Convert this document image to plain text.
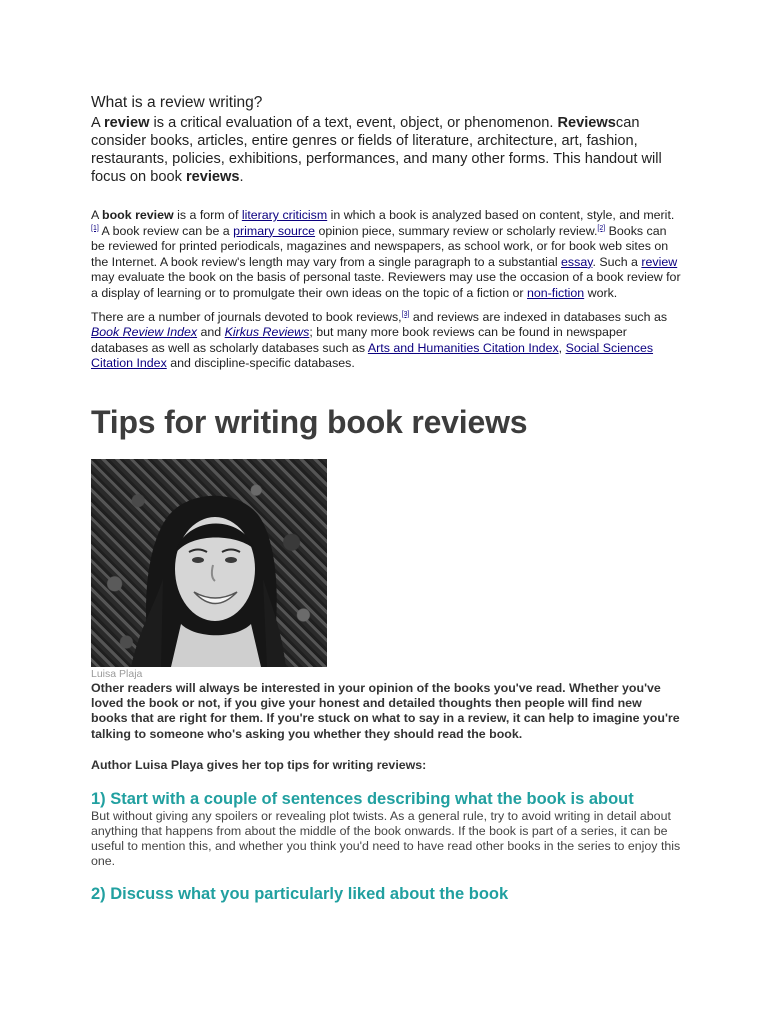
What is a review writing?

A review is a critical evaluation of a text, event, object, or phenomenon. Reviewscan consider books, articles, entire genres or fields of literature, architecture, art, fashion, restaurants, policies, exhibitions, performances, and many other forms. This handout will focus on book reviews.

A book review is a form of literary criticism in which a book is analyzed based on content, style, and merit.[1] A book review can be a primary source opinion piece, summary review or scholarly review.[2] Books can be reviewed for printed periodicals, magazines and newspapers, as school work, or for book web sites on the Internet. A book review's length may vary from a single paragraph to a substantial essay. Such a review may evaluate the book on the basis of personal taste. Reviewers may use the occasion of a book review for a display of learning or to promulgate their own ideas on the topic of a fiction or non-fiction work.

There are a number of journals devoted to book reviews,[3] and reviews are indexed in databases such as Book Review Index and Kirkus Reviews; but many more book reviews can be found in newspaper databases as well as scholarly databases such as Arts and Humanities Citation Index, Social Sciences Citation Index and discipline-specific databases.

Tips for writing book reviews
Luisa Plaja

Other readers will always be interested in your opinion of the books you've read. Whether you've loved the book or not, if you give your honest and detailed thoughts then people will find new books that are right for them. If you're stuck on what to say in a review, it can help to imagine you're talking to someone who's asking you whether they should read the book.

Author Luisa Playa gives her top tips for writing reviews:
1) Start with a couple of sentences describing what the book is about

But without giving any spoilers or revealing plot twists. As a general rule, try to avoid writing in detail about anything that happens from about the middle of the book onwards. If the book is part of a series, it can be useful to mention this, and whether you think you'd need to have read other books in the series to enjoy this one.

2) Discuss what you particularly liked about the book
